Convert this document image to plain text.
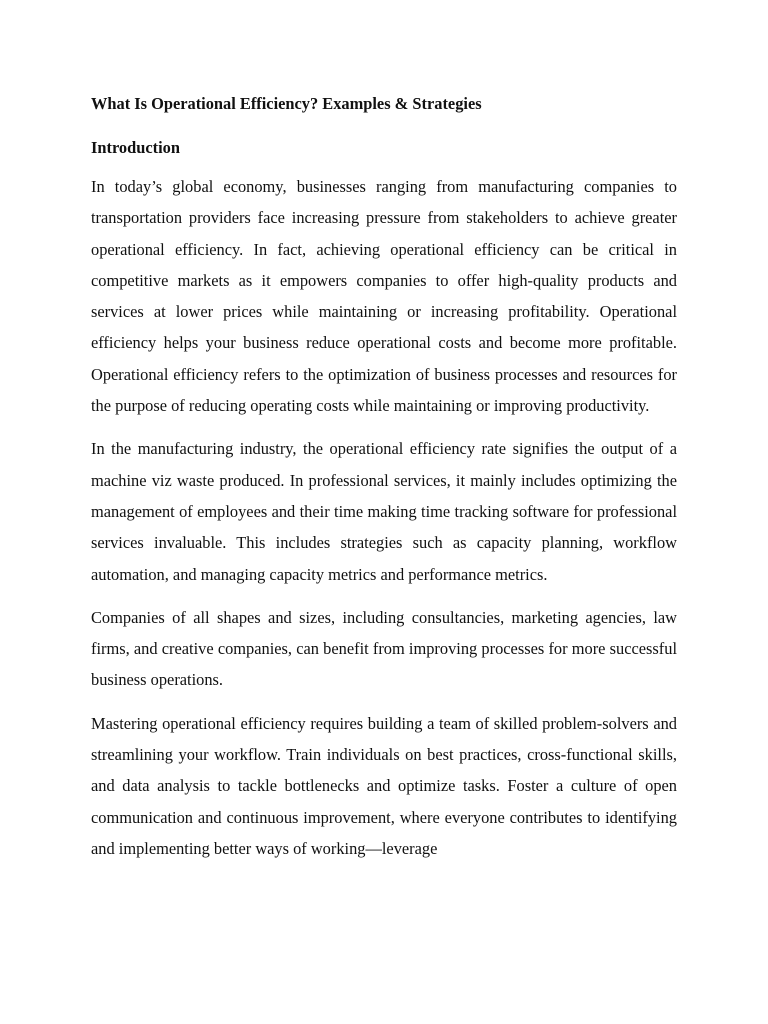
What Is Operational Efficiency? Examples & Strategies
Introduction

In today’s global economy, businesses ranging from manufacturing companies to transportation providers face increasing pressure from stakeholders to achieve greater operational efficiency. In fact, achieving operational efficiency can be critical in competitive markets as it empowers companies to offer high-quality products and services at lower prices while maintaining or increasing profitability. Operational efficiency helps your business reduce operational costs and become more profitable. Operational efficiency refers to the optimization of business processes and resources for the purpose of reducing operating costs while maintaining or improving productivity.

In the manufacturing industry, the operational efficiency rate signifies the output of a machine viz waste produced. In professional services, it mainly includes optimizing the management of employees and their time making time tracking software for professional services invaluable. This includes strategies such as capacity planning, workflow automation, and managing capacity metrics and performance metrics.

Companies of all shapes and sizes, including consultancies, marketing agencies, law firms, and creative companies, can benefit from improving processes for more successful business operations.

Mastering operational efficiency requires building a team of skilled problem-solvers and streamlining your workflow. Train individuals on best practices, cross-functional skills, and data analysis to tackle bottlenecks and optimize tasks. Foster a culture of open communication and continuous improvement, where everyone contributes to identifying and implementing better ways of working—leverage
